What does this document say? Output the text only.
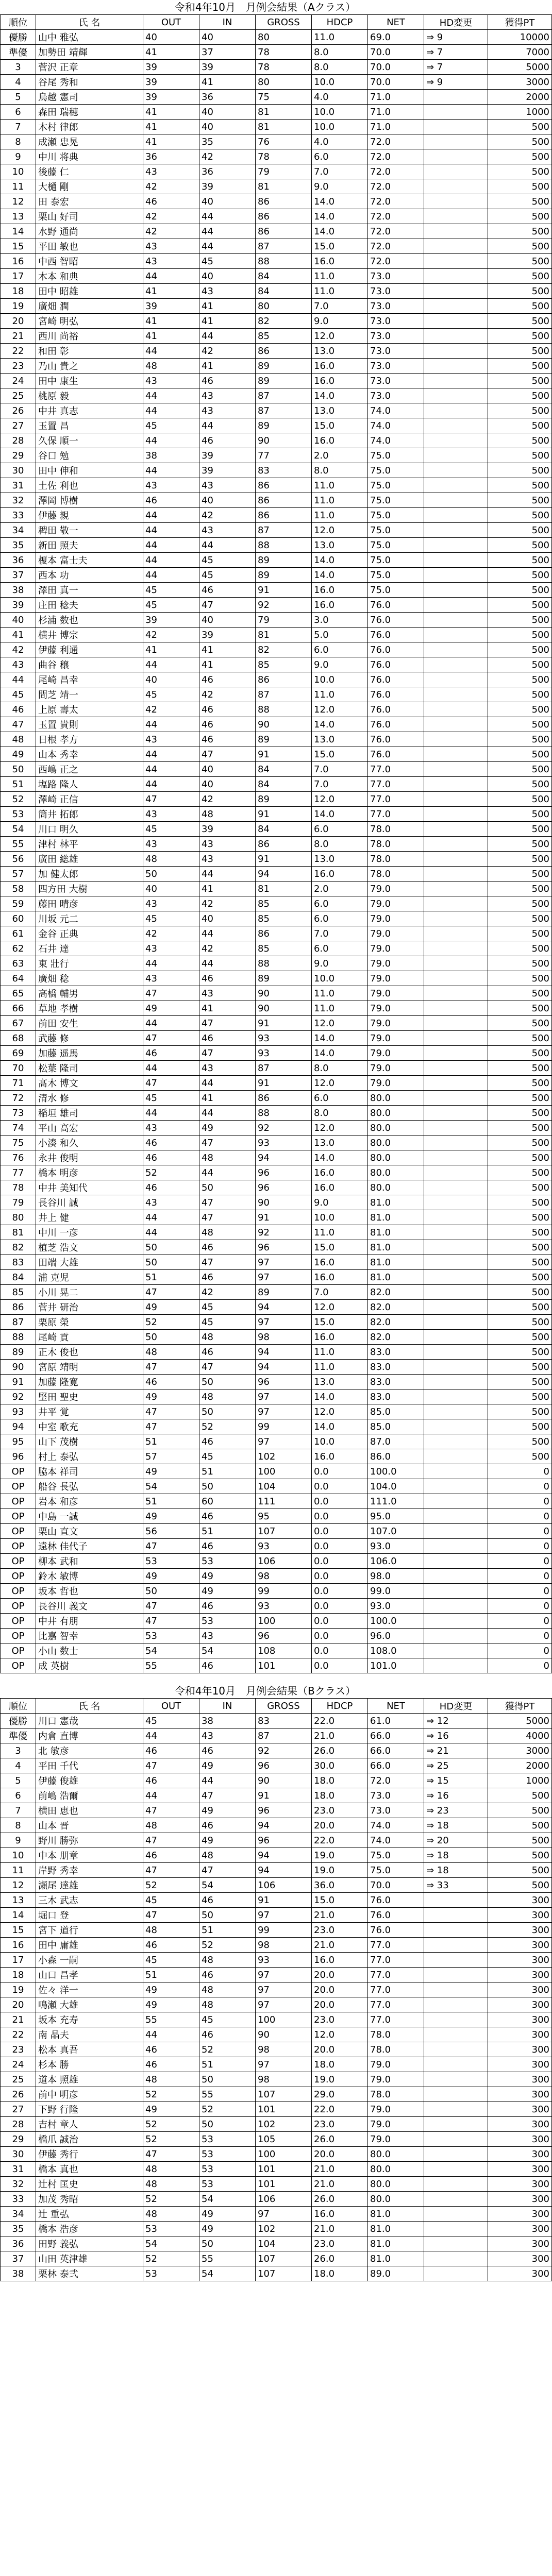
令和4年10月　月例会結果（Aクラス）
順位	氏 名	OUT	IN	GROSS	HDCP	NET	HD変更	獲得PT
優勝	山中 雅弘	40	40	80	11.0	69.0	⇒ 9	10000
準優	加勢田 靖輝	41	37	78	8.0	70.0	⇒ 7	7000
3	菅沢 正章	39	39	78	8.0	70.0	⇒ 7	5000
4	谷尾 秀和	39	41	80	10.0	70.0	⇒ 9	3000
5	鳥越 憲司	39	36	75	4.0	71.0		2000
6	森田 瑞穂	41	40	81	10.0	71.0		1000
7	木村 律郎	41	40	81	10.0	71.0		500
8	成瀬 忠晃	41	35	76	4.0	72.0		500
9	中川 将典	36	42	78	6.0	72.0		500
10	後藤 仁	43	36	79	7.0	72.0		500
11	大樋 剛	42	39	81	9.0	72.0		500
12	田 泰宏	46	40	86	14.0	72.0		500
13	栗山 好司	42	44	86	14.0	72.0		500
14	水野 通尚	42	44	86	14.0	72.0		500
15	平田 敏也	43	44	87	15.0	72.0		500
16	中西 智昭	43	45	88	16.0	72.0		500
17	木本 和典	44	40	84	11.0	73.0		500
18	田中 昭雄	41	43	84	11.0	73.0		500
19	廣畑 潤	39	41	80	7.0	73.0		500
20	宮崎 明弘	41	41	82	9.0	73.0		500
21	西川 尚裕	41	44	85	12.0	73.0		500
22	和田 彰	44	42	86	13.0	73.0		500
23	乃山 貴之	48	41	89	16.0	73.0		500
24	田中 康生	43	46	89	16.0	73.0		500
25	桃原 毅	44	43	87	14.0	73.0		500
26	中井 真志	44	43	87	13.0	74.0		500
27	玉置 昌	45	44	89	15.0	74.0		500
28	久保 順一	44	46	90	16.0	74.0		500
29	谷口 勉	38	39	77	2.0	75.0		500
30	田中 伸和	44	39	83	8.0	75.0		500
31	土佐 利也	43	43	86	11.0	75.0		500
32	澤岡 博樹	46	40	86	11.0	75.0		500
33	伊藤 親	44	42	86	11.0	75.0		500
34	稗田 敬一	44	43	87	12.0	75.0		500
35	新田 照夫	44	44	88	13.0	75.0		500
36	榎本 富士夫	44	45	89	14.0	75.0		500
37	西本 功	44	45	89	14.0	75.0		500
38	澤田 真一	45	46	91	16.0	75.0		500
39	庄田 稔夫	45	47	92	16.0	76.0		500
40	杉浦 数也	39	40	79	3.0	76.0		500
41	横井 博宗	42	39	81	5.0	76.0		500
42	伊藤 利通	41	41	82	6.0	76.0		500
43	曲谷 穣	44	41	85	9.0	76.0		500
44	尾崎 昌幸	40	46	86	10.0	76.0		500
45	間芝 靖一	45	42	87	11.0	76.0		500
46	上原 壽太	42	46	88	12.0	76.0		500
47	玉置 貴則	44	46	90	14.0	76.0		500
48	日根 孝方	43	46	89	13.0	76.0		500
49	山本 秀幸	44	47	91	15.0	76.0		500
50	西嶋 正之	44	40	84	7.0	77.0		500
51	塩路 隆人	44	40	84	7.0	77.0		500
52	澤崎 正信	47	42	89	12.0	77.0		500
53	筒井 拓郎	43	48	91	14.0	77.0		500
54	川口 明久	45	39	84	6.0	78.0		500
55	津村 林平	43	43	86	8.0	78.0		500
56	廣田 総雄	48	43	91	13.0	78.0		500
57	加 健太郎	50	44	94	16.0	78.0		500
58	四方田 大樹	40	41	81	2.0	79.0		500
59	藤田 晴彦	43	42	85	6.0	79.0		500
60	川坂 元二	45	40	85	6.0	79.0		500
61	金谷 正典	42	44	86	7.0	79.0		500
62	石井 達	43	42	85	6.0	79.0		500
63	東 壯行	44	44	88	9.0	79.0		500
64	廣畑 稔	43	46	89	10.0	79.0		500
65	高橋 輔男	47	43	90	11.0	79.0		500
66	草地 孝樹	49	41	90	11.0	79.0		500
67	前田 安生	44	47	91	12.0	79.0		500
68	武藤 修	47	46	93	14.0	79.0		500
69	加藤 遥馬	46	47	93	14.0	79.0		500
70	松葉 隆司	44	43	87	8.0	79.0		500
71	髙木 博文	47	44	91	12.0	79.0		500
72	清水 修	45	41	86	6.0	80.0		500
73	稲垣 雄司	44	44	88	8.0	80.0		500
74	平山 高宏	43	49	92	12.0	80.0		500
75	小湊 和久	46	47	93	13.0	80.0		500
76	永井 俊明	46	48	94	14.0	80.0		500
77	橋本 明彦	52	44	96	16.0	80.0		500
78	中井 美知代	46	50	96	16.0	80.0		500
79	長谷川 誠	43	47	90	9.0	81.0		500
80	井上 健	44	47	91	10.0	81.0		500
81	中川 一彦	44	48	92	11.0	81.0		500
82	植芝 浩文	50	46	96	15.0	81.0		500
83	田端 大雄	50	47	97	16.0	81.0		500
84	浦 克児	51	46	97	16.0	81.0		500
85	小川 晃二	47	42	89	7.0	82.0		500
86	菅井 研治	49	45	94	12.0	82.0		500
87	栗原 榮	52	45	97	15.0	82.0		500
88	尾崎 貢	50	48	98	16.0	82.0		500
89	正木 俊也	48	46	94	11.0	83.0		500
90	宮原 靖明	47	47	94	11.0	83.0		500
91	加藤 隆寛	46	50	96	13.0	83.0		500
92	堅田 聖史	49	48	97	14.0	83.0		500
93	井平 覚	47	50	97	12.0	85.0		500
94	中室 歌充	47	52	99	14.0	85.0		500
95	山下 茂樹	51	46	97	10.0	87.0		500
96	村上 泰弘	57	45	102	16.0	86.0		500
OP	脇本 祥司	49	51	100	0.0	100.0		0
OP	船谷 長弘	54	50	104	0.0	104.0		0
OP	岩本 和彦	51	60	111	0.0	111.0		0
OP	中島 一誠	49	46	95	0.0	95.0		0
OP	栗山 直文	56	51	107	0.0	107.0		0
OP	遠林 佳代子	47	46	93	0.0	93.0		0
OP	柳本 武和	53	53	106	0.0	106.0		0
OP	鈴木 敏博	49	49	98	0.0	98.0		0
OP	坂本 哲也	50	49	99	0.0	99.0		0
OP	長谷川 義文	47	46	93	0.0	93.0		0
OP	中井 有朋	47	53	100	0.0	100.0		0
OP	比嘉 智幸	53	43	96	0.0	96.0		0
OP	小山 数士	54	54	108	0.0	108.0		0
OP	成 英樹	55	46	101	0.0	101.0		0
令和4年10月　月例会結果（Bクラス）
順位	氏 名	OUT	IN	GROSS	HDCP	NET	HD変更	獲得PT
優勝	川口 憲哉	45	38	83	22.0	61.0	⇒ 12	5000
準優	内倉 直博	44	43	87	21.0	66.0	⇒ 16	4000
3	北 敏彦	46	46	92	26.0	66.0	⇒ 21	3000
4	平田 千代	47	49	96	30.0	66.0	⇒ 25	2000
5	伊藤 俊雄	46	44	90	18.0	72.0	⇒ 15	1000
6	前嶋 浩爾	44	47	91	18.0	73.0	⇒ 16	500
7	横田 恵也	47	49	96	23.0	73.0	⇒ 23	500
8	山本 晋	48	46	94	20.0	74.0	⇒ 18	500
9	野川 勝弥	47	49	96	22.0	74.0	⇒ 20	500
10	中本 朋章	46	48	94	19.0	75.0	⇒ 18	500
11	岸野 秀幸	47	47	94	19.0	75.0	⇒ 18	500
12	瀬尾 達雄	52	54	106	36.0	70.0	⇒ 33	500
13	三木 武志	45	46	91	15.0	76.0		300
14	堀口 登	47	50	97	21.0	76.0		300
15	宮下 道行	48	51	99	23.0	76.0		300
16	田中 庸雄	46	52	98	21.0	77.0		300
17	小森 一嗣	45	48	93	16.0	77.0		300
18	山口 昌孝	51	46	97	20.0	77.0		300
19	佐々 洋一	49	48	97	20.0	77.0		300
20	鳴瀬 大雄	49	48	97	20.0	77.0		300
21	坂本 充寿	55	45	100	23.0	77.0		300
22	南 晶夫	44	46	90	12.0	78.0		300
23	松本 真吾	46	52	98	20.0	78.0		300
24	杉本 勝	46	51	97	18.0	79.0		300
25	道本 照雄	48	50	98	19.0	79.0		300
26	前中 明彦	52	55	107	29.0	78.0		300
27	下野 行隆	49	52	101	22.0	79.0		300
28	吉村 章人	52	50	102	23.0	79.0		300
29	橋爪 誠治	52	53	105	26.0	79.0		300
30	伊藤 秀行	47	53	100	20.0	80.0		300
31	橋本 真也	48	53	101	21.0	80.0		300
32	辻村 匡史	48	53	101	21.0	80.0		300
33	加茂 秀昭	52	54	106	26.0	80.0		300
34	辻 重弘	48	49	97	16.0	81.0		300
35	橋本 浩彦	53	49	102	21.0	81.0		300
36	田野 義弘	54	50	104	23.0	81.0		300
37	山田 英津雄	52	55	107	26.0	81.0		300
38	栗林 泰弐	53	54	107	18.0	89.0		300
